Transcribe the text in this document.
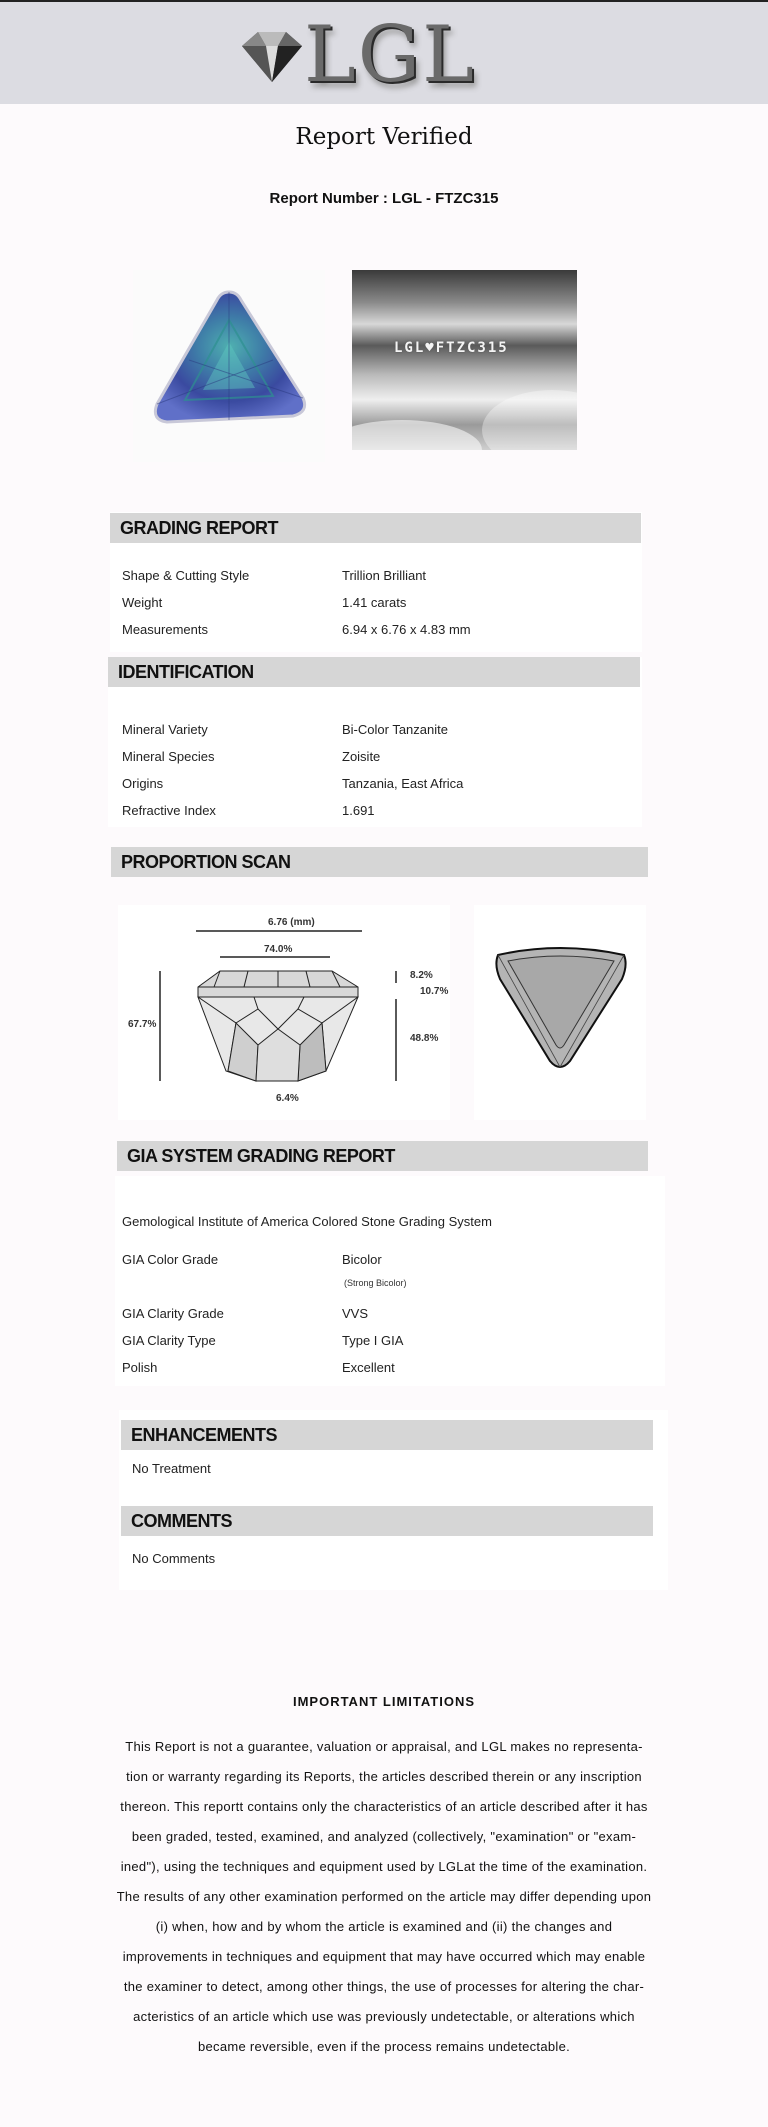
LGL
Report Verified
Report Number : LGL - FTZC315
LGL♥FTZC315
GRADING REPORT
Shape & Cutting Style	Trillion Brilliant
Weight	1.41 carats
Measurements	6.94 x 6.76 x 4.83 mm
IDENTIFICATION
Mineral Variety	Bi-Color Tanzanite
Mineral Species	Zoisite
Origins	Tanzania, East Africa
Refractive Index	1.691
PROPORTION SCAN
6.76 (mm)
74.0%
67.7%
8.2%
10.7%
48.8%
6.4%
GIA SYSTEM GRADING REPORT
Gemological Institute of America Colored Stone Grading System
GIA Color Grade	Bicolor
(Strong Bicolor)
GIA Clarity Grade	VVS
GIA Clarity Type	Type I GIA
Polish	Excellent
ENHANCEMENTS
No Treatment
COMMENTS
No Comments
IMPORTANT LIMITATIONS
This Report is not a guarantee, valuation or appraisal, and LGL makes no representa-tion or warranty regarding its Reports, the articles described therein or any inscription thereon. This reportt contains only the characteristics of an article described after it has been graded, tested, examined, and analyzed (collectively, "examination" or "exam-ined"), using the techniques and equipment used by LGLat the time of the examination. The results of any other examination performed on the article may differ depending upon (i) when, how and by whom the article is examined and (ii) the changes and improvements in techniques and equipment that may have occurred which may enable the examiner to detect, among other things, the use of processes for altering the char-acteristics of an article which use was previously undetectable, or alterations which became reversible, even if the process remains undetectable.
